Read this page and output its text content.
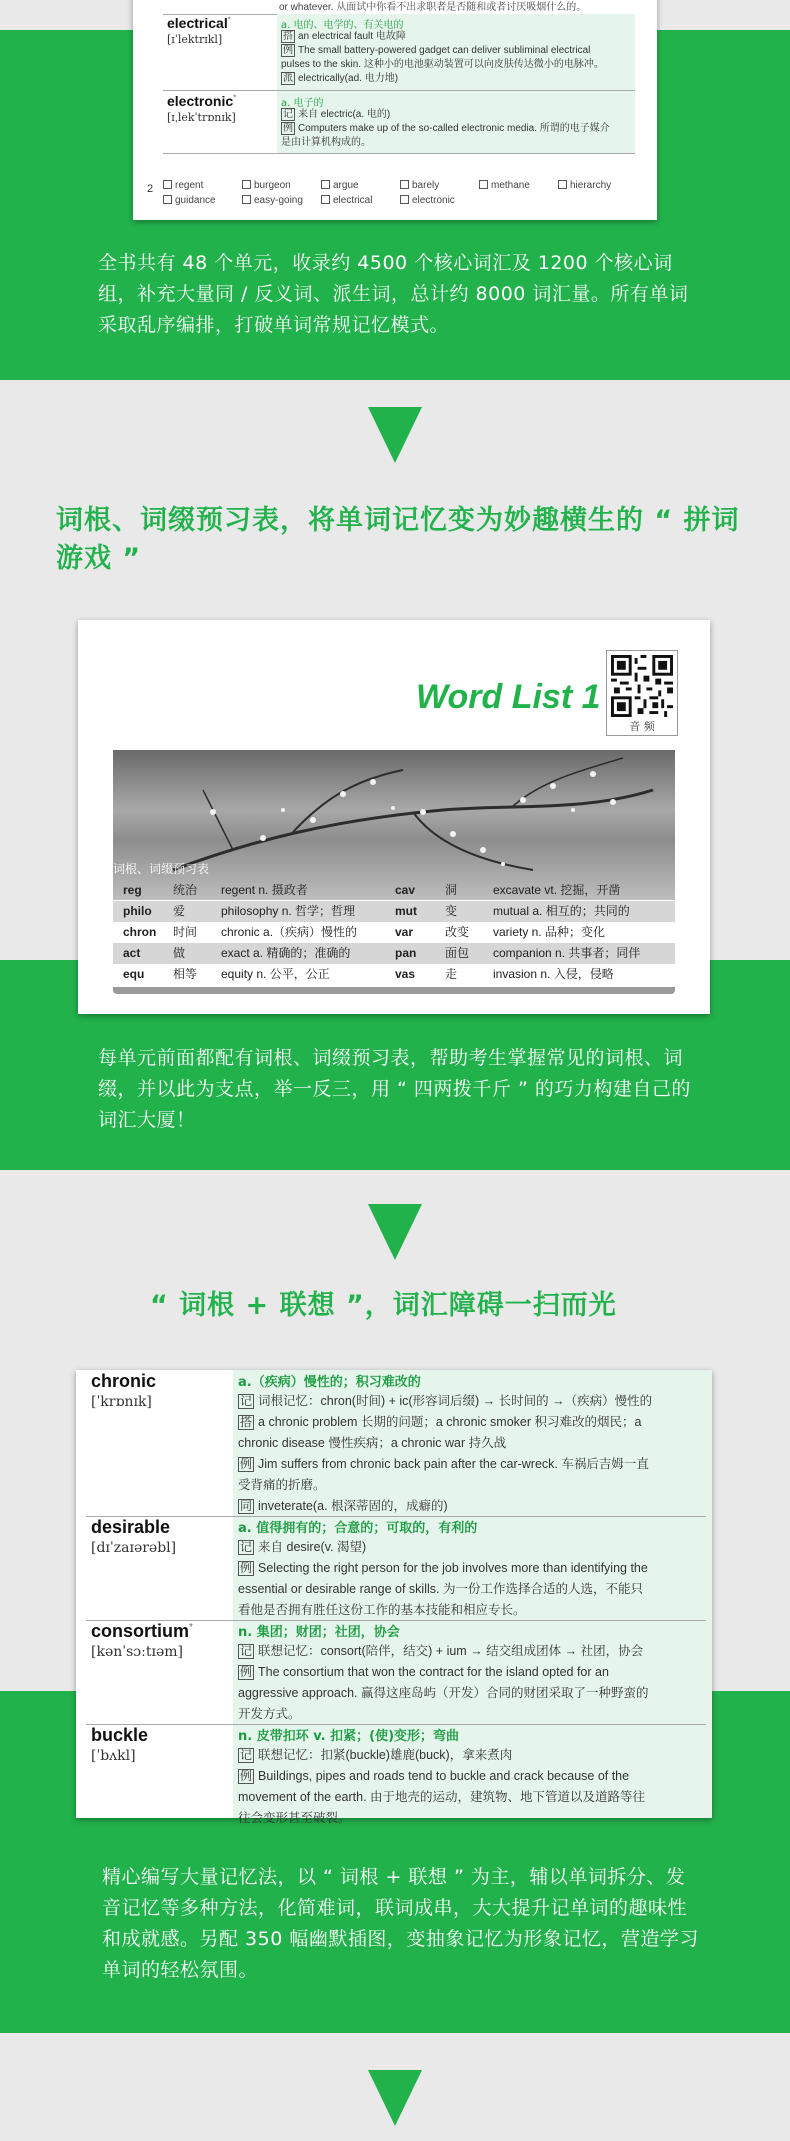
or whatever. 从面试中你看不出求职者是否随和或者讨厌吸烟什么的。
electrical*
[ɪˈlektrɪkl]
a. 电的、电学的、有关电的
搭 an electrical fault 电故障
例 The small battery-powered gadget can deliver subliminal electrical
pulses to the skin. 这种小的电池驱动装置可以向皮肤传达微小的电脉冲。
派 electrically(ad. 电力地)
electronic*
[ɪˌlekˈtrɒnɪk]
a. 电子的
记 来自 electric(a. 电的)
例 Computers make up of the so-called electronic media. 所谓的电子媒介
是由计算机构成的。
2	regent	burgeon	argue	barely	methane	hierarchy
guidance	easy-going	electrical	electronic
全书共有 48 个单元，收录约 4500 个核心词汇及 1200 个核心词组，补充大量同 / 反义词、派生词，总计约 8000 词汇量。所有单词采取乱序编排，打破单词常规记忆模式。
词根、词缀预习表，将单词记忆变为妙趣横生的 “ 拼词游戏 ”
Word List 1
音 频
词根、词缀预习表
reg	统治 regent n. 摄政者	cav 洞	excavate vt. 挖掘，开凿
philo 爱	philosophy n. 哲学；哲理	mut 变	mutual a. 相互的；共同的
chron 时间 chronic a.（疾病）慢性的	var	改变 variety n. 品种；变化
act	做	exact a. 精确的；准确的	pan 面包 companion n. 共事者；同伴
equ 相等 equity n. 公平，公正	vas 走	invasion n. 入侵，侵略
每单元前面都配有词根、词缀预习表，帮助考生掌握常见的词根、词缀，并以此为支点，举一反三，用 “ 四两拨千斤 ” 的巧力构建自己的词汇大厦！
“ 词根 + 联想 ”，词汇障碍一扫而光
chronic
[ˈkrɒnɪk]
a.（疾病）慢性的；积习难改的
记 词根记忆：chron(时间) + ic(形容词后缀) → 长时间的 →（疾病）慢性的
搭 a chronic problem 长期的问题；a chronic smoker 积习难改的烟民；a
chronic disease 慢性疾病；a chronic war 持久战
例 Jim suffers from chronic back pain after the car-wreck. 车祸后吉姆一直
受背痛的折磨。
同 inveterate(a. 根深蒂固的，成癖的)
desirable
[dɪˈzaɪərəbl]
a. 值得拥有的；合意的；可取的，有利的
记 来自 desire(v. 渴望)
例 Selecting the right person for the job involves more than identifying the
essential or desirable range of skills. 为一份工作选择合适的人选，不能只
看他是否拥有胜任这份工作的基本技能和相应专长。
consortium*
[kənˈsɔːtɪəm]
n. 集团；财团；社团，协会
记 联想记忆：consort(陪伴，结交) + ium → 结交组成团体 → 社团，协会
例 The consortium that won the contract for the island opted for an
aggressive approach. 赢得这座岛屿（开发）合同的财团采取了一种野蛮的
开发方式。
buckle
[ˈbʌkl]
n. 皮带扣环 v. 扣紧；(使)变形；弯曲
记 联想记忆：扣紧(buckle)雄鹿(buck)，拿来煮肉
例 Buildings, pipes and roads tend to buckle and crack because of the
movement of the earth. 由于地壳的运动，建筑物、地下管道以及道路等往
往会变形甚至破裂。
精心编写大量记忆法，以 “ 词根 + 联想 ” 为主，辅以单词拆分、发音记忆等多种方法，化简难词，联词成串，大大提升记单词的趣味性和成就感。另配 350 幅幽默插图，变抽象记忆为形象记忆，营造学习单词的轻松氛围。
